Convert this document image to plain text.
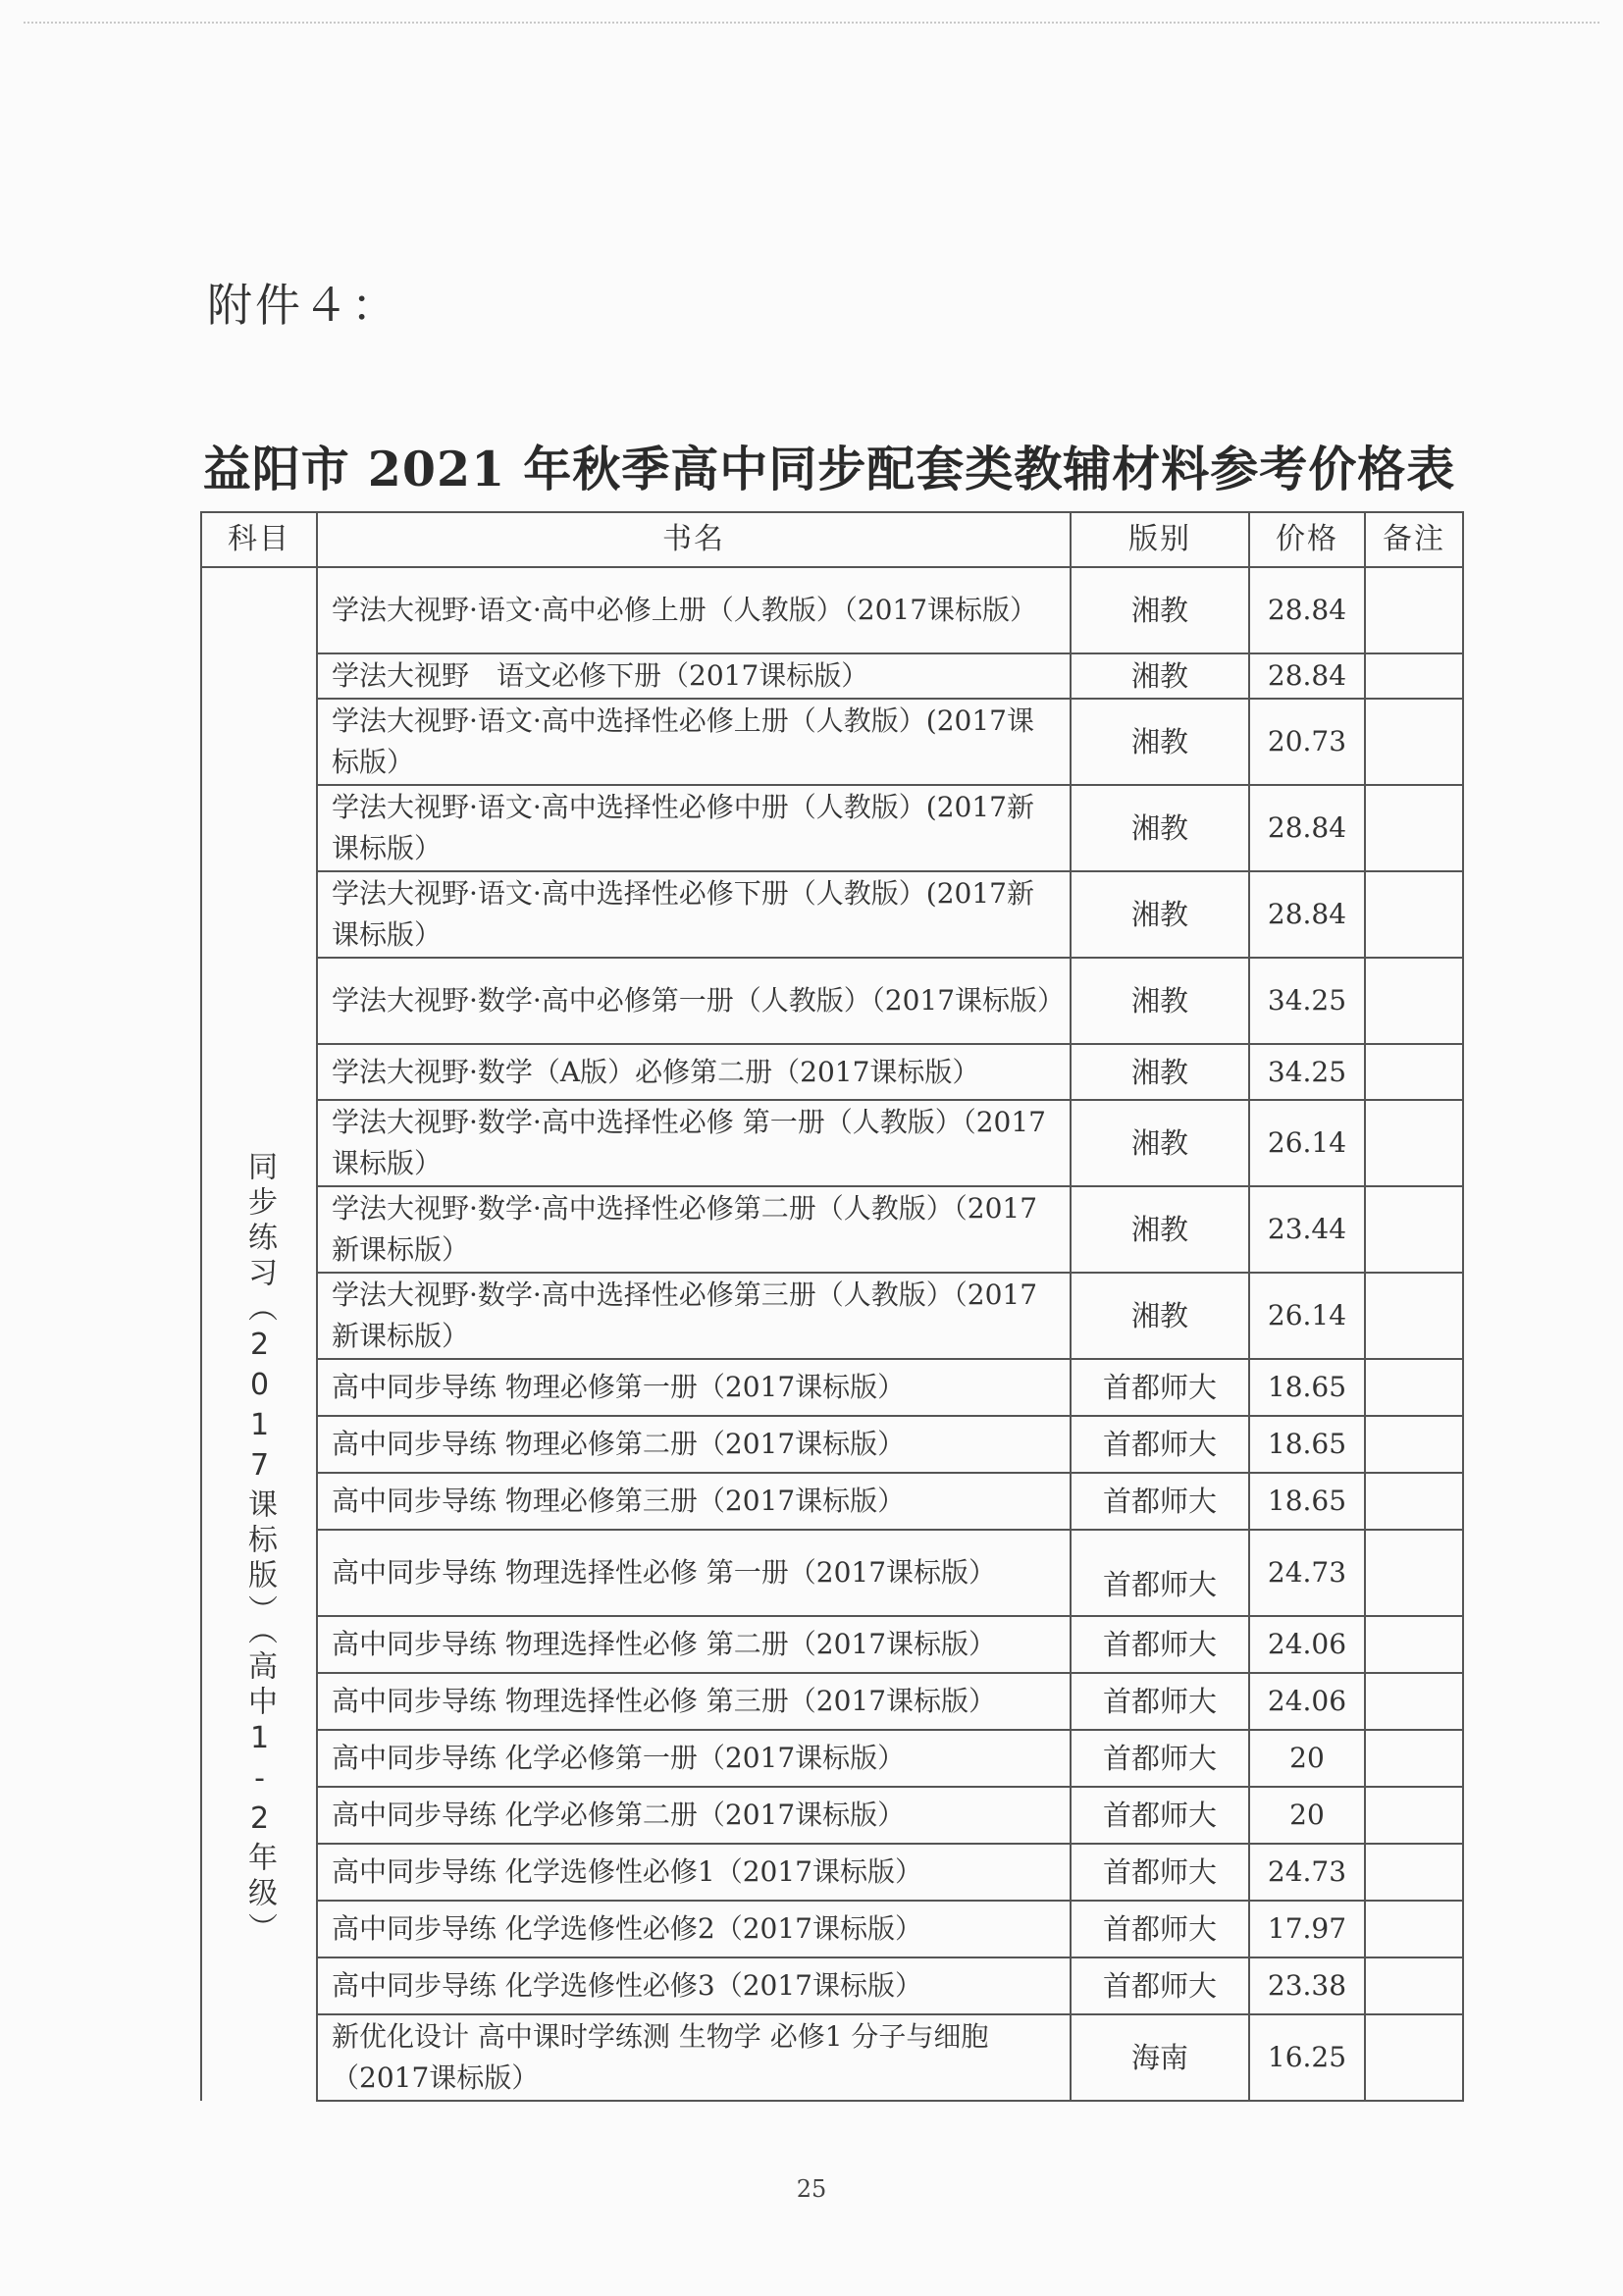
附件４：
益阳市 2021 年秋季高中同步配套类教辅材料参考价格表
科目	书名	版别	价格	备注

同步练习（2017课标版）（高中1-2年级）	学法大视野·语文·高中必修上册（人教版）（2017课标版）	湘教	28.84	
	学法大视野　语文必修下册（2017课标版）	湘教	28.84	
	学法大视野·语文·高中选择性必修上册（人教版）(2017课标版）	湘教	20.73	
	学法大视野·语文·高中选择性必修中册（人教版）(2017新课标版）	湘教	28.84	
	学法大视野·语文·高中选择性必修下册（人教版）(2017新课标版）	湘教	28.84	
	学法大视野·数学·高中必修第一册（人教版）（2017课标版）	湘教	34.25	
	学法大视野·数学（A版）必修第二册（2017课标版）	湘教	34.25	
	学法大视野·数学·高中选择性必修 第一册（人教版）（2017课标版）	湘教	26.14	
	学法大视野·数学·高中选择性必修第二册（人教版）（2017新课标版）	湘教	23.44	
	学法大视野·数学·高中选择性必修第三册（人教版）（2017新课标版）	湘教	26.14	
	高中同步导练 物理必修第一册（2017课标版）	首都师大	18.65	
	高中同步导练 物理必修第二册（2017课标版）	首都师大	18.65	
	高中同步导练 物理必修第三册（2017课标版）	首都师大	18.65	
	高中同步导练 物理选择性必修 第一册（2017课标版）	首都师大	24.73	
	高中同步导练 物理选择性必修 第二册（2017课标版）	首都师大	24.06	
	高中同步导练 物理选择性必修 第三册（2017课标版）	首都师大	24.06	
	高中同步导练 化学必修第一册（2017课标版）	首都师大	20	
	高中同步导练 化学必修第二册（2017课标版）	首都师大	20	
	高中同步导练 化学选修性必修1（2017课标版）	首都师大	24.73	
	高中同步导练 化学选修性必修2（2017课标版）	首都师大	17.97	
	高中同步导练 化学选修性必修3（2017课标版）	首都师大	23.38	
	新优化设计 高中课时学练测 生物学 必修1 分子与细胞（2017课标版）	海南	16.25	
25
